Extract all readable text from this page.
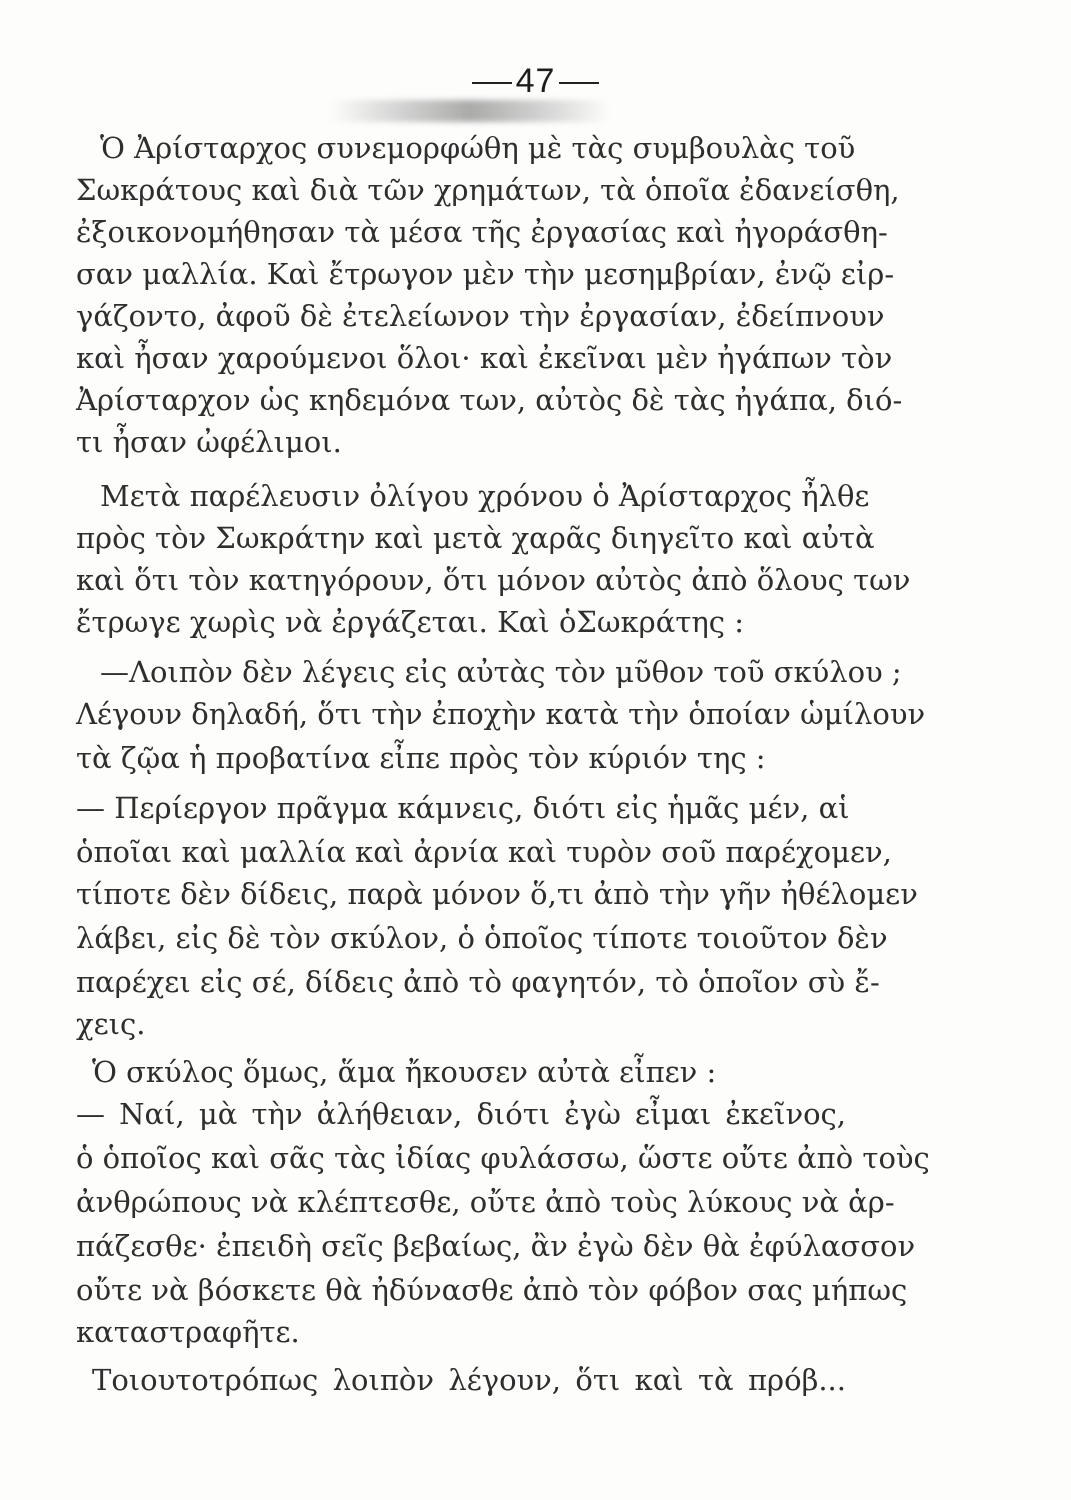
47
Ὁ Ἀρίσταρχος συνεμορφώθη μὲ τὰς συμβουλὰς τοῦ
Σωκράτους καὶ διὰ τῶν χρημάτων, τὰ ὁποῖα ἐδανείσθη,
ἐξοικονομήθησαν τὰ μέσα τῆς ἐργασίας καὶ ἠγοράσθη-
σαν μαλλία. Καὶ ἔτρωγον μὲν τὴν μεσημβρίαν, ἐνῷ εἰρ-
γάζοντο, ἀφοῦ δὲ ἐτελείωνον τὴν ἐργασίαν, ἐδείπνουν
καὶ ἦσαν χαρούμενοι ὅλοι· καὶ ἐκεῖναι μὲν ἠγάπων τὸν
Ἀρίσταρχον ὡς κηδεμόνα των, αὐτὸς δὲ τὰς ἠγάπα, διό-
τι ἦσαν ὠφέλιμοι.
Μετὰ παρέλευσιν ὀλίγου χρόνου ὁ Ἀρίσταρχος ἦλθε
πρὸς τὸν Σωκράτην καὶ μετὰ χαρᾶς διηγεῖτο καὶ αὐτὰ
καὶ ὅτι τὸν κατηγόρουν, ὅτι μόνον αὐτὸς ἀπὸ ὅλους των
ἔτρωγε χωρὶς νὰ ἐργάζεται. Καὶ ὁΣωκράτης :
—Λοιπὸν δὲν λέγεις εἰς αὐτὰς τὸν μῦθον τοῦ σκύλου ;
Λέγουν δηλαδή, ὅτι τὴν ἐποχὴν κατὰ τὴν ὁποίαν ὡμίλουν
τὰ ζῷα ἡ προβατίνα εἶπε πρὸς τὸν κύριόν της :
— Περίεργον πρᾶγμα κάμνεις, διότι εἰς ἡμᾶς μέν, αἱ
ὁποῖαι καὶ μαλλία καὶ ἀρνία καὶ τυρὸν σοῦ παρέχομεν,
τίποτε δὲν δίδεις, παρὰ μόνον ὅ,τι ἀπὸ τὴν γῆν ἠθέλομεν
λάβει, εἰς δὲ τὸν σκύλον, ὁ ὁποῖος τίποτε τοιοῦτον δὲν
παρέχει εἰς σέ, δίδεις ἀπὸ τὸ φαγητόν, τὸ ὁποῖον σὺ ἔ-
χεις.
Ὁ σκύλος ὅμως, ἅμα ἤκουσεν αὐτὰ εἶπεν :
— Ναί, μὰ τὴν ἀλήθειαν, διότι ἐγὼ εἶμαι ἐκεῖνος,
ὁ ὁποῖος καὶ σᾶς τὰς ἰδίας φυλάσσω, ὥστε οὔτε ἀπὸ τοὺς
ἀνθρώπους νὰ κλέπτεσθε, οὔτε ἀπὸ τοὺς λύκους νὰ ἁρ-
πάζεσθε· ἐπειδὴ σεῖς βεβαίως, ἂν ἐγὼ δὲν θὰ ἐφύλασσον
οὔτε νὰ βόσκετε θὰ ἠδύνασθε ἀπὸ τὸν φόβον σας μήπως
καταστραφῆτε.
Τοιουτοτρόπως λοιπὸν λέγουν, ὅτι καὶ τὰ πρόβ...
